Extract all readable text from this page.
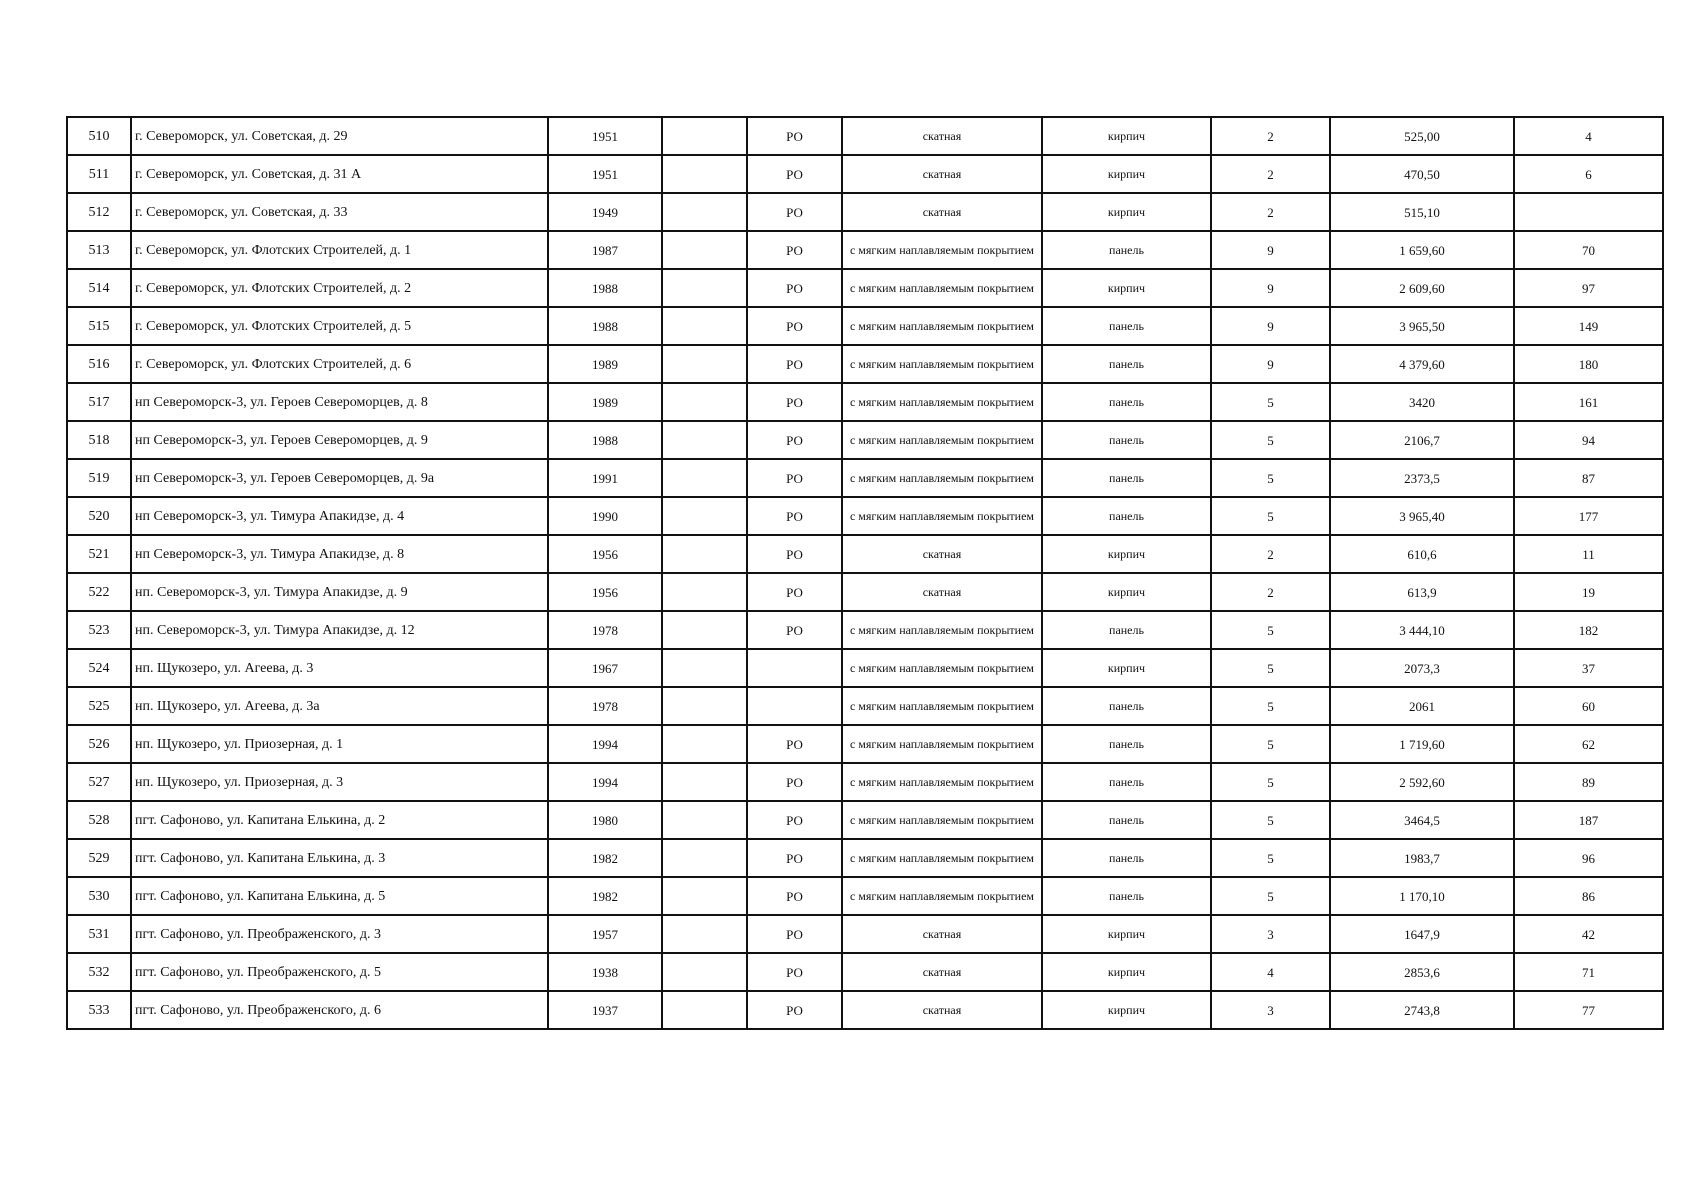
510	г. Североморск, ул. Советская, д. 29	1951		РО	скатная	кирпич	2	525,00	4
511	г. Североморск, ул. Советская, д. 31 А	1951		РО	скатная	кирпич	2	470,50	6
512	г. Североморск, ул. Советская, д. 33	1949		РО	скатная	кирпич	2	515,10	
513	г. Североморск, ул. Флотских Строителей, д. 1	1987		РО	с мягким наплавляемым покрытием	панель	9	1 659,60	70
514	г. Североморск, ул. Флотских Строителей, д. 2	1988		РО	с мягким наплавляемым покрытием	кирпич	9	2 609,60	97
515	г. Североморск, ул. Флотских Строителей, д. 5	1988		РО	с мягким наплавляемым покрытием	панель	9	3 965,50	149
516	г. Североморск, ул. Флотских Строителей, д. 6	1989		РО	с мягким наплавляемым покрытием	панель	9	4 379,60	180
517	нп Североморск-3, ул. Героев Североморцев, д. 8	1989		РО	с мягким наплавляемым покрытием	панель	5	3420	161
518	нп Североморск-3, ул. Героев Североморцев, д. 9	1988		РО	с мягким наплавляемым покрытием	панель	5	2106,7	94
519	нп Североморск-3, ул. Героев Североморцев, д. 9а	1991		РО	с мягким наплавляемым покрытием	панель	5	2373,5	87
520	нп Североморск-3, ул. Тимура Апакидзе, д. 4	1990		РО	с мягким наплавляемым покрытием	панель	5	3 965,40	177
521	нп Североморск-3, ул. Тимура Апакидзе, д. 8	1956		РО	скатная	кирпич	2	610,6	11
522	нп. Североморск-3, ул. Тимура Апакидзе, д. 9	1956		РО	скатная	кирпич	2	613,9	19
523	нп. Североморск-3, ул. Тимура Апакидзе, д. 12	1978		РО	с мягким наплавляемым покрытием	панель	5	3 444,10	182
524	нп. Щукозеро, ул. Агеева, д. 3	1967			с мягким наплавляемым покрытием	кирпич	5	2073,3	37
525	нп. Щукозеро, ул. Агеева, д. 3а	1978			с мягким наплавляемым покрытием	панель	5	2061	60
526	нп. Щукозеро, ул. Приозерная, д. 1	1994		РО	с мягким наплавляемым покрытием	панель	5	1 719,60	62
527	нп. Щукозеро, ул. Приозерная, д. 3	1994		РО	с мягким наплавляемым покрытием	панель	5	2 592,60	89
528	пгт. Сафоново, ул. Капитана Елькина, д. 2	1980		РО	с мягким наплавляемым покрытием	панель	5	3464,5	187
529	пгт. Сафоново, ул. Капитана Елькина, д. 3	1982		РО	с мягким наплавляемым покрытием	панель	5	1983,7	96
530	пгт. Сафоново, ул. Капитана Елькина, д. 5	1982		РО	с мягким наплавляемым покрытием	панель	5	1 170,10	86
531	пгт. Сафоново, ул. Преображенского, д. 3	1957		РО	скатная	кирпич	3	1647,9	42
532	пгт. Сафоново, ул. Преображенского, д. 5	1938		РО	скатная	кирпич	4	2853,6	71
533	пгт. Сафоново, ул. Преображенского, д. 6	1937		РО	скатная	кирпич	3	2743,8	77
